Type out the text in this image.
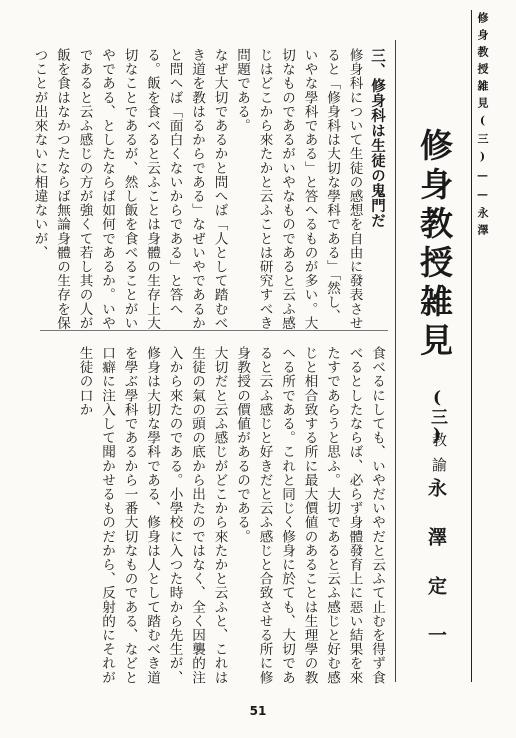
修身教授雑見(三)——永澤
修身教授雑見
(三)
教諭
永澤定一
三、修身科は生徒の鬼門だ
修身科について生徒の感想を自由に發表させると「修身科は大切な學科である」「然し、いやな學科である」と答へるものが多い。大切なものであるがいやなものであると云ふ感じはどこから來たかと云ふことは研究すべき問題である。
なぜ大切であるかと問へば「人として踏むべき道を教はるからである」なぜいやであるかと問へば「面白くないからである」と答へる。飯を食べると云ふことは身體の生存上大切なことであるが、然し飯を食べることがいやである、としたならば如何であるか。いやであると云ふ感じの方が強くて若し其の人が飯を食はなかつたならば無論身體の生存を保つことが出來ないに相違ないが、
食べるにしても、いやだいやだと云ふて止むを得ず食べるとしたならば、必らず身體發育上に惡い結果を來たすであらうと思ふ。大切であると云ふ感じと好む感じと相合致する所に最大價値のあることは生理學の教へる所である。これと同じく修身に於ても、大切であると云ふ感じと好きだと云ふ感じと合致させる所に修身教授の價値があるのである。
大切だと云ふ感じがどこから來たかと云ふと、これは生徒の氣の頭の底から出たのではなく、全く因襲的注入から來たのである。小學校に入つた時から先生が、修身は大切な學科である、修身は人として踏むべき道を學ぶ學科であるから一番大切なものである、などと口癖に注入して聞かせるものだから、反射的にそれが生徒の口か
51
